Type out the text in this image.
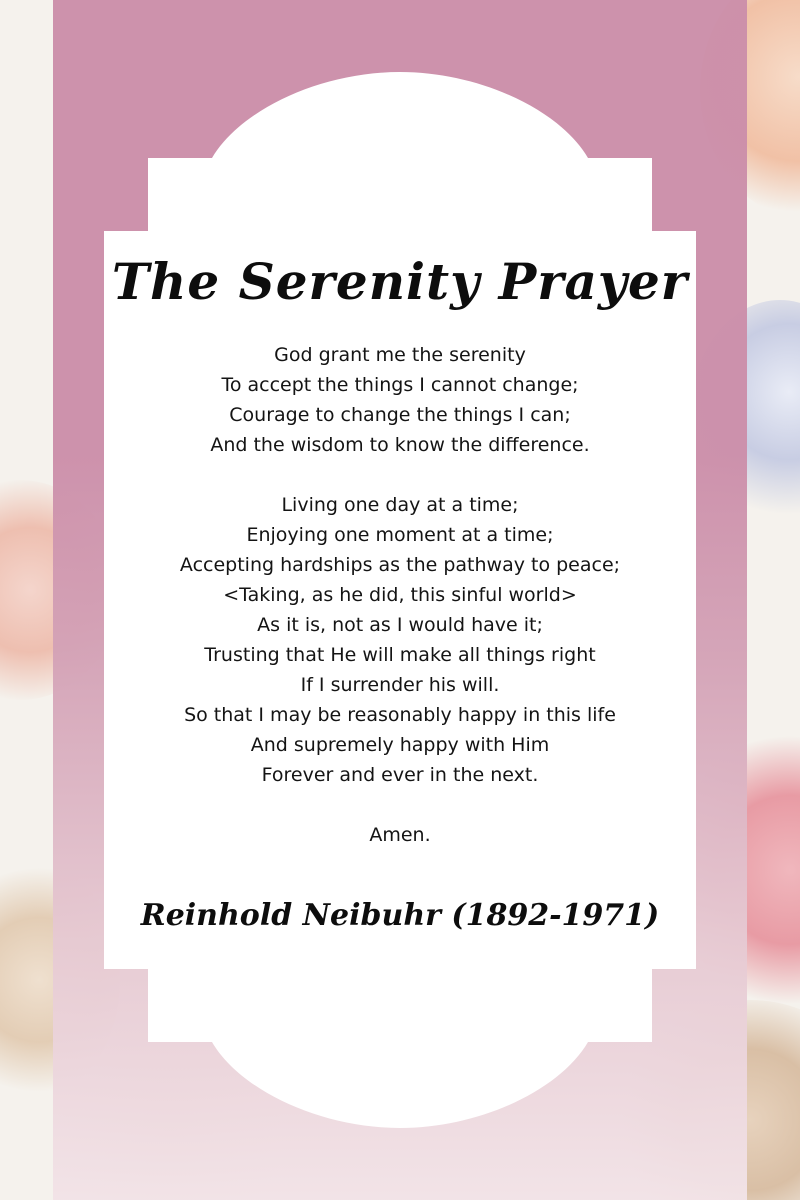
The Serenity Prayer

God grant me the serenity
To accept the things I cannot change;
Courage to change the things I can;
And the wisdom to know the difference.

Living one day at a time;
Enjoying one moment at a time;
Accepting hardships as the pathway to peace;
<Taking, as he did, this sinful world>
As it is, not as I would have it;
Trusting that He will make all things right
If I surrender his will.
So that I may be reasonably happy in this life
And supremely happy with Him
Forever and ever in the next.

Amen.

Reinhold Neibuhr (1892-1971)
